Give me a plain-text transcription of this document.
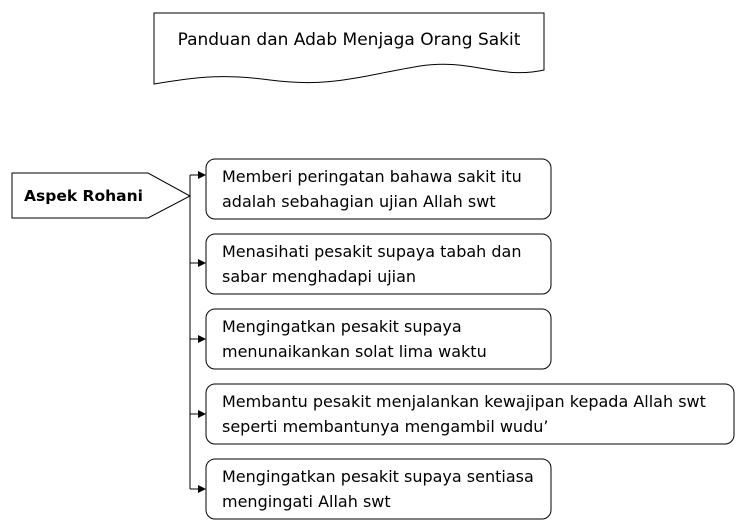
Panduan dan Adab Menjaga Orang Sakit
Aspek Rohani
Memberi peringatan bahawa sakit itu
adalah sebahagian ujian Allah swt
Menasihati pesakit supaya tabah dan
sabar menghadapi ujian
Mengingatkan pesakit supaya
menunaikankan solat lima waktu
Membantu pesakit menjalankan kewajipan kepada Allah swt
seperti membantunya mengambil wudu’
Mengingatkan pesakit supaya sentiasa
mengingati Allah swt
